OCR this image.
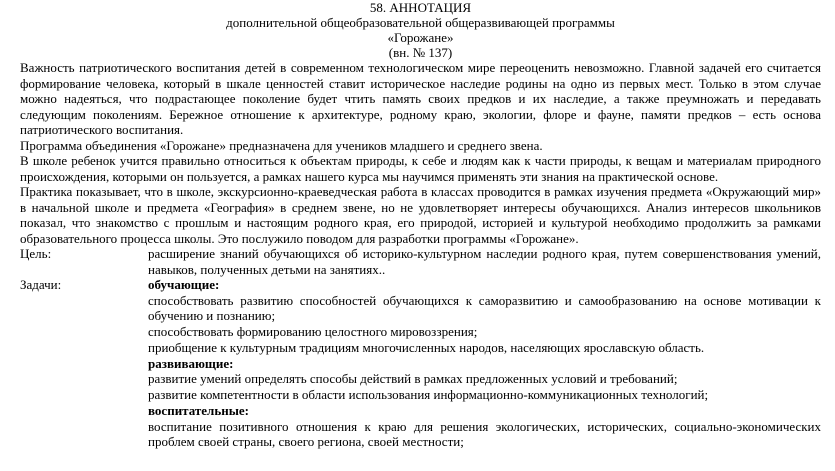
58. АННОТАЦИЯ
дополнительной общеобразовательной общеразвивающей программы
«Горожане»
(вн. № 137)

Важность патриотического воспитания детей в современном технологическом мире переоценить невозможно. Главной задачей его считается формирование человека, который в шкале ценностей ставит историческое наследие родины на одно из первых мест. Только в этом случае можно надеяться, что подрастающее поколение будет чтить память своих предков и их наследие, а также преумножать и передавать следующим поколениям. Бережное отношение к архитектуре, родному краю, экологии, флоре и фауне, памяти предков – есть основа патриотического воспитания.

Программа объединения «Горожане» предназначена для учеников младшего и среднего звена.

В школе ребенок учится правильно относиться к объектам природы, к себе и людям как к части природы, к вещам и материалам природного происхождения, которыми он пользуется, а рамках нашего курса мы научимся применять эти знания на практической основе.

Практика показывает, что в школе, экскурсионно-краеведческая работа в классах проводится в рамках изучения предмета «Окружающий мир» в начальной школе и предмета «География» в среднем звене, но не удовлетворяет интересы обучающихся. Анализ интересов школьников показал, что знакомство с прошлым и настоящим родного края, его природой, историей и культурой необходимо продолжить за рамками образовательного процесса школы. Это послужило поводом для разработки программы «Горожане».

Цель:	расширение знаний обучающихся об историко-культурном наследии родного края, путем совершенствования умений, навыков, полученных детьми на занятиях..
Задачи:	обучающие:

способствовать развитию способностей обучающихся к саморазвитию и самообразованию на основе мотивации к обучению и познанию;

способствовать формированию целостного мировоззрения;

приобщение к культурным традициям многочисленных народов, населяющих ярославскую область.

развивающие:

развитие умений определять способы действий в рамках предложенных условий и требований;

развитие компетентности в области использования информационно-коммуникационных технологий;

воспитательные:

воспитание позитивного отношения к краю для решения экологических, исторических, социально-экономических проблем своей страны, своего региона, своей местности;
